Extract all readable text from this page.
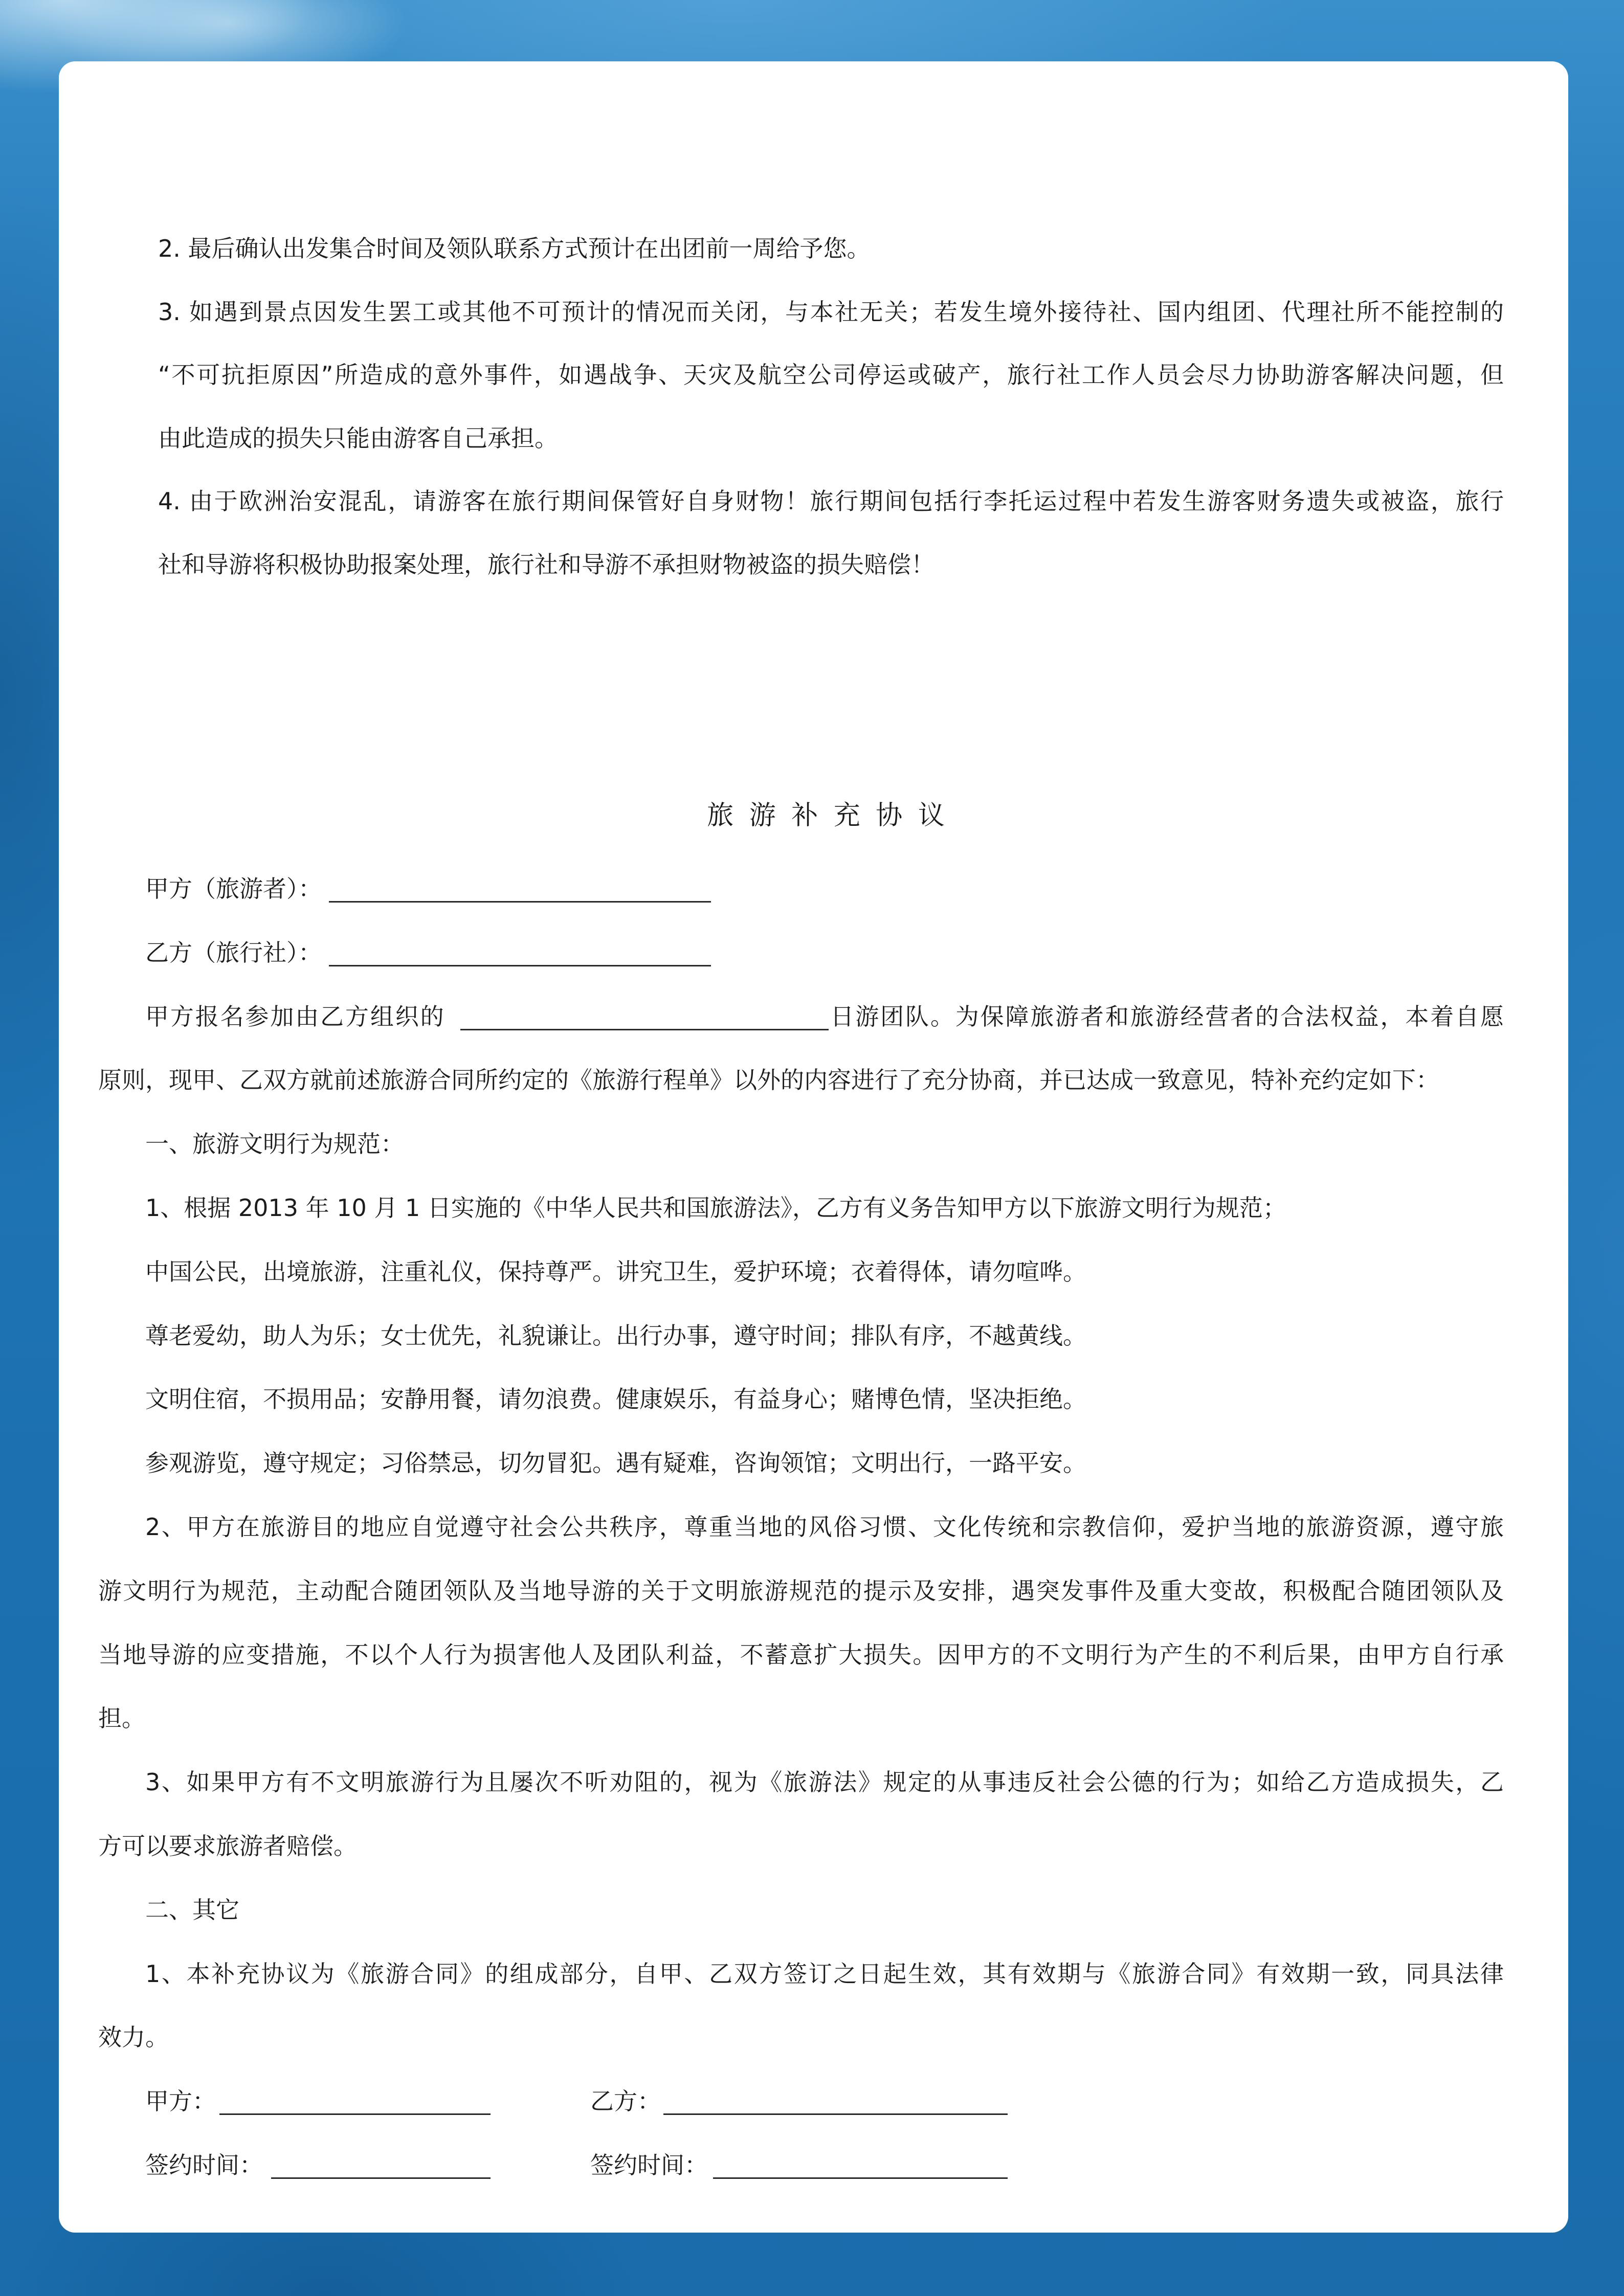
2. 最后确认出发集合时间及领队联系方式预计在出团前一周给予您。
3. 如遇到景点因发生罢工或其他不可预计的情况而关闭，与本社无关；若发生境外接待社、国内组团、代理社所不能控制的
“不可抗拒原因”所造成的意外事件，如遇战争、天灾及航空公司停运或破产，旅行社工作人员会尽力协助游客解决问题，但
由此造成的损失只能由游客自己承担。
4. 由于欧洲治安混乱，请游客在旅行期间保管好自身财物！旅行期间包括行李托运过程中若发生游客财务遗失或被盗，旅行
社和导游将积极协助报案处理，旅行社和导游不承担财物被盗的损失赔偿！
旅 游 补 充 协 议
甲方（旅游者）：
乙方（旅行社）：
甲方报名参加由乙方组织的	日游团队。为保障旅游者和旅游经营者的合法权益，本着自愿
原则，现甲、乙双方就前述旅游合同所约定的《旅游行程单》以外的内容进行了充分协商，并已达成一致意见，特补充约定如下：
一、旅游文明行为规范：
1、根据 2013 年 10 月 1 日实施的《中华人民共和国旅游法》，乙方有义务告知甲方以下旅游文明行为规范；
中国公民，出境旅游，注重礼仪，保持尊严。讲究卫生，爱护环境；衣着得体，请勿喧哗。
尊老爱幼，助人为乐；女士优先，礼貌谦让。出行办事，遵守时间；排队有序，不越黄线。
文明住宿，不损用品；安静用餐，请勿浪费。健康娱乐，有益身心；赌博色情，坚决拒绝。
参观游览，遵守规定；习俗禁忌，切勿冒犯。遇有疑难，咨询领馆；文明出行，一路平安。
2、甲方在旅游目的地应自觉遵守社会公共秩序，尊重当地的风俗习惯、文化传统和宗教信仰，爱护当地的旅游资源，遵守旅
游文明行为规范，主动配合随团领队及当地导游的关于文明旅游规范的提示及安排，遇突发事件及重大变故，积极配合随团领队及
当地导游的应变措施，不以个人行为损害他人及团队利益，不蓄意扩大损失。因甲方的不文明行为产生的不利后果，由甲方自行承
担。
3、如果甲方有不文明旅游行为且屡次不听劝阻的，视为《旅游法》规定的从事违反社会公德的行为；如给乙方造成损失，乙
方可以要求旅游者赔偿。
二、其它
1、本补充协议为《旅游合同》的组成部分，自甲、乙双方签订之日起生效，其有效期与《旅游合同》有效期一致，同具法律
效力。
甲方：	乙方：
签约时间：	签约时间：
